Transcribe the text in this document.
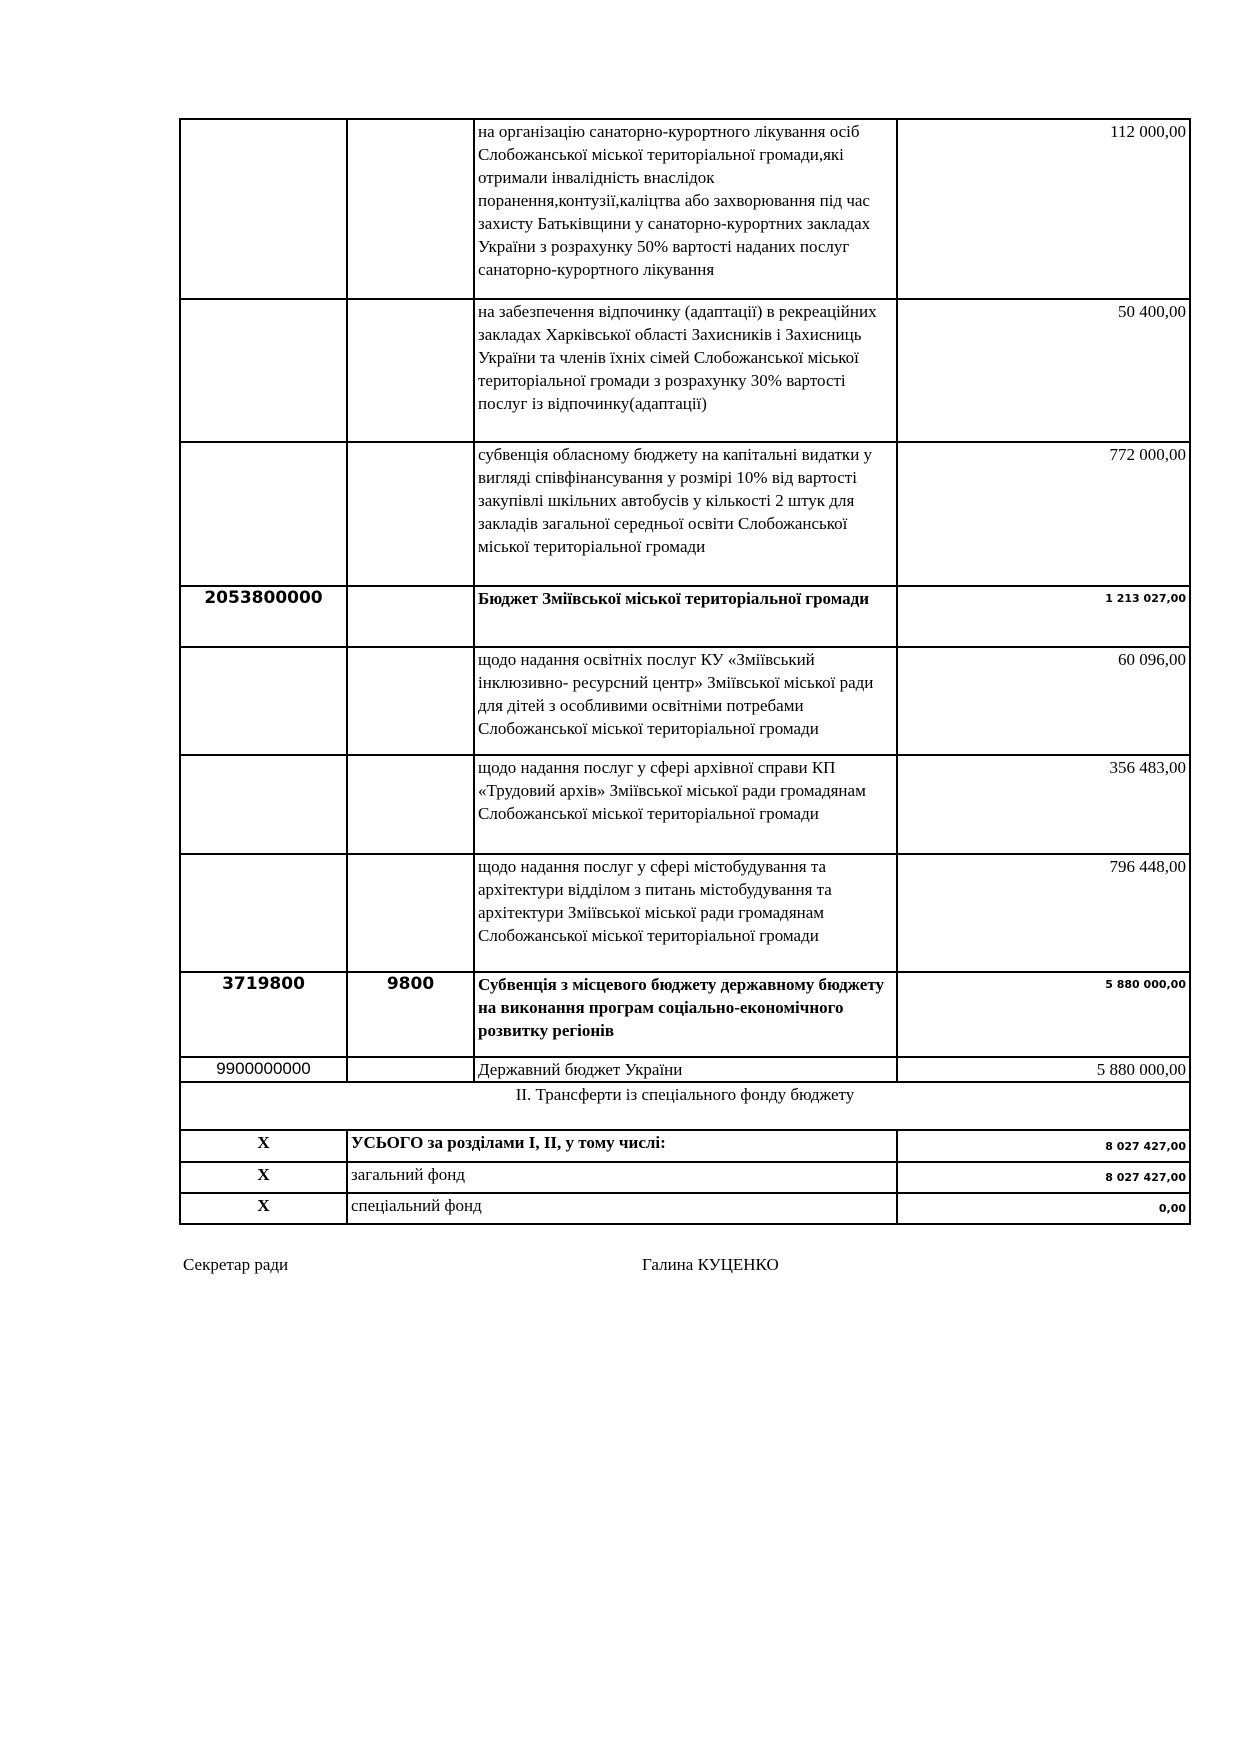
		на організацію санаторно-курортного лікування осіб Слобожанської міської територіальної громади,які отримали інвалідність внаслідок поранення,контузії,каліцтва або захворювання під час захисту Батьківщини у санаторно-курортних закладах України з розрахунку 50% вартості наданих послуг санаторно-курортного лікування	112 000,00
		на забезпечення відпочинку (адаптації) в рекреаційних закладах Харківської області Захисників і Захисниць України та членів їхніх сімей Слобожанської міської територіальної громади з розрахунку 30% вартості послуг із відпочинку(адаптації)	50 400,00
		субвенція обласному бюджету на капітальні видатки у вигляді співфінансування у розмірі 10% від вартості закупівлі шкільних автобусів у кількості 2 штук для закладів загальної середньої освіти Слобожанської міської територіальної громади	772 000,00
2053800000		Бюджет Зміївської міської територіальної громади	1 213 027,00
		щодо надання освітніх послуг КУ «Зміївський інклюзивно- ресурсний центр» Зміївської міської ради для дітей з особливими освітніми потребами Слобожанської міської територіальної громади	60 096,00
		щодо надання послуг у сфері архівної справи КП «Трудовий архів» Зміївської міської ради громадянам Слобожанської міської територіальної громади	356 483,00
		щодо надання послуг у сфері містобудування та архітектури відділом з питань містобудування та архітектури Зміївської міської ради громадянам Слобожанської міської територіальної громади	796 448,00
3719800	9800	Субвенція з місцевого бюджету державному бюджету на виконання програм соціально-економічного розвитку регіонів	5 880 000,00
9900000000		Державний бюджет України	5 880 000,00
ІІ. Трансферти із спеціального фонду бюджету			
Х	УСЬОГО за розділами І, ІІ, у тому числі:		8 027 427,00
Х	загальний фонд		8 027 427,00
Х	спеціальний фонд		0,00
Секретар ради	Галина КУЦЕНКО
